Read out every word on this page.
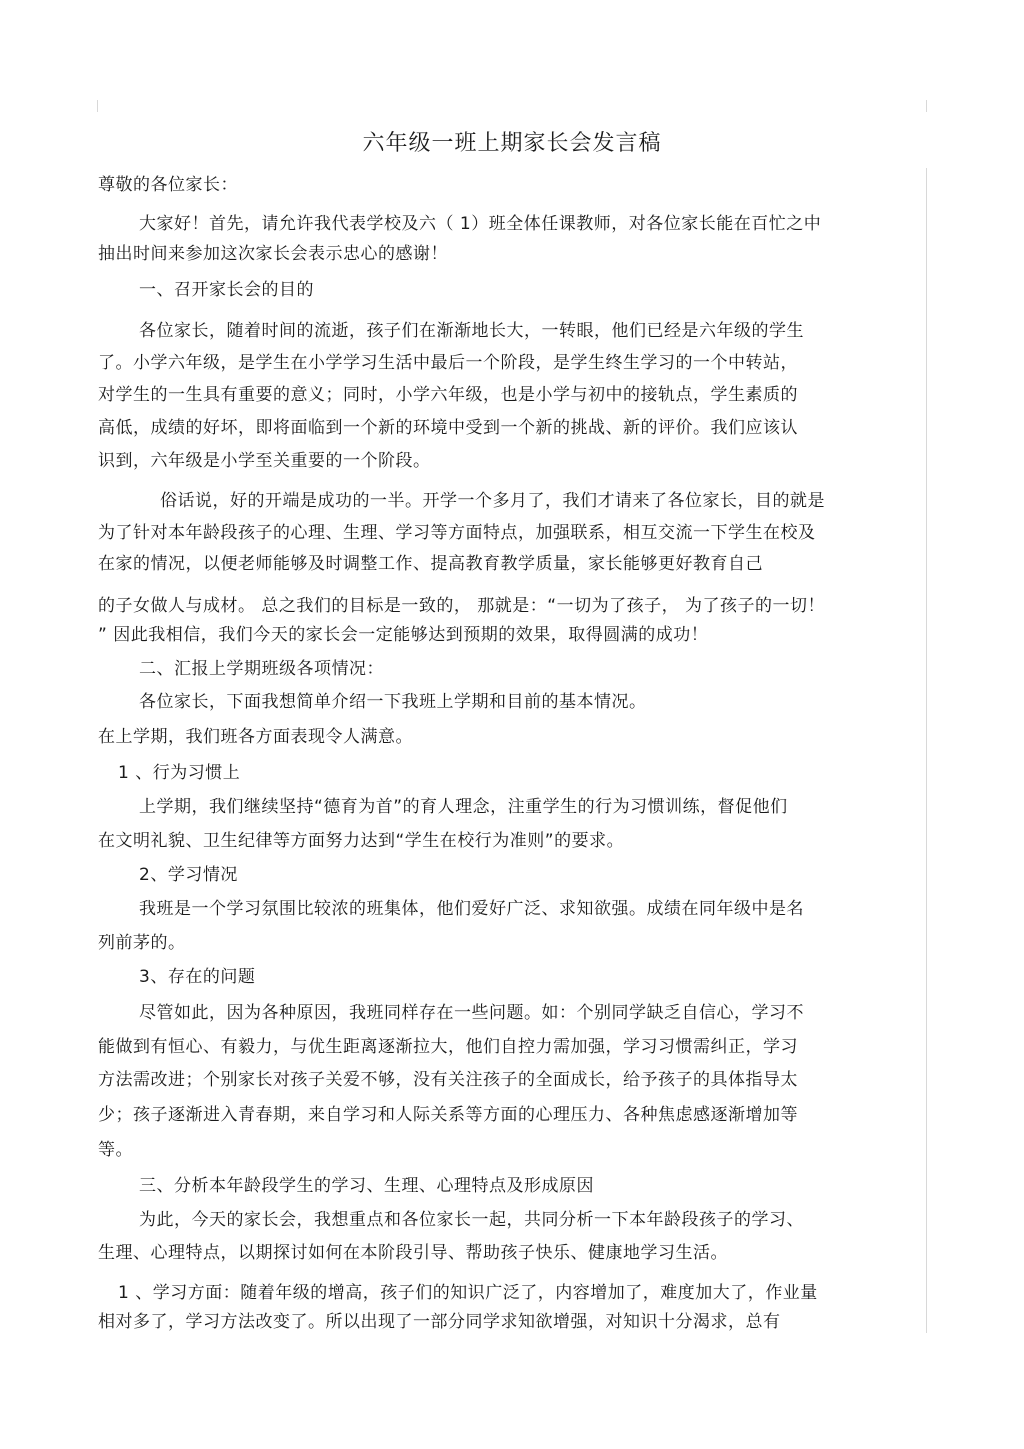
六年级一班上期家长会发言稿
尊敬的各位家长：
大家好！首先，请允许我代表学校及六（ 1）班全体任课教师，对各位家长能在百忙之中
抽出时间来参加这次家长会表示忠心的感谢！
一、召开家长会的目的
各位家长，随着时间的流逝，孩子们在渐渐地长大，一转眼，他们已经是六年级的学生
了。小学六年级，是学生在小学学习生活中最后一个阶段，是学生终生学习的一个中转站，
对学生的一生具有重要的意义；同时，小学六年级，也是小学与初中的接轨点，学生素质的
高低，成绩的好坏，即将面临到一个新的环境中受到一个新的挑战、新的评价。我们应该认
识到，六年级是小学至关重要的一个阶段。
俗话说，好的开端是成功的一半。开学一个多月了，我们才请来了各位家长，目的就是
为了针对本年龄段孩子的心理、生理、学习等方面特点，加强联系，相互交流一下学生在校及
在家的情况，以便老师能够及时调整工作、提高教育教学质量，家长能够更好教育自己
的子女做人与成材。 总之我们的目标是一致的， 那就是：“一切为了孩子， 为了孩子的一切！
” 因此我相信，我们今天的家长会一定能够达到预期的效果，取得圆满的成功！
二、汇报上学期班级各项情况：
各位家长，下面我想简单介绍一下我班上学期和目前的基本情况。
在上学期，我们班各方面表现令人满意。
1 、行为习惯上
上学期，我们继续坚持“德育为首”的育人理念，注重学生的行为习惯训练，督促他们
在文明礼貌、卫生纪律等方面努力达到“学生在校行为准则”的要求。
2、学习情况
我班是一个学习氛围比较浓的班集体，他们爱好广泛、求知欲强。成绩在同年级中是名
列前茅的。
3、存在的问题
尽管如此，因为各种原因，我班同样存在一些问题。如：个别同学缺乏自信心，学习不
能做到有恒心、有毅力，与优生距离逐渐拉大，他们自控力需加强，学习习惯需纠正，学习
方法需改进；个别家长对孩子关爱不够，没有关注孩子的全面成长，给予孩子的具体指导太
少；孩子逐渐进入青春期，来自学习和人际关系等方面的心理压力、各种焦虑感逐渐增加等
等。
三、分析本年龄段学生的学习、生理、心理特点及形成原因
为此，今天的家长会，我想重点和各位家长一起，共同分析一下本年龄段孩子的学习、
生理、心理特点，以期探讨如何在本阶段引导、帮助孩子快乐、健康地学习生活。
1 、学习方面：随着年级的增高，孩子们的知识广泛了，内容增加了，难度加大了，作业量
相对多了，学习方法改变了。所以出现了一部分同学求知欲增强，对知识十分渴求，总有
